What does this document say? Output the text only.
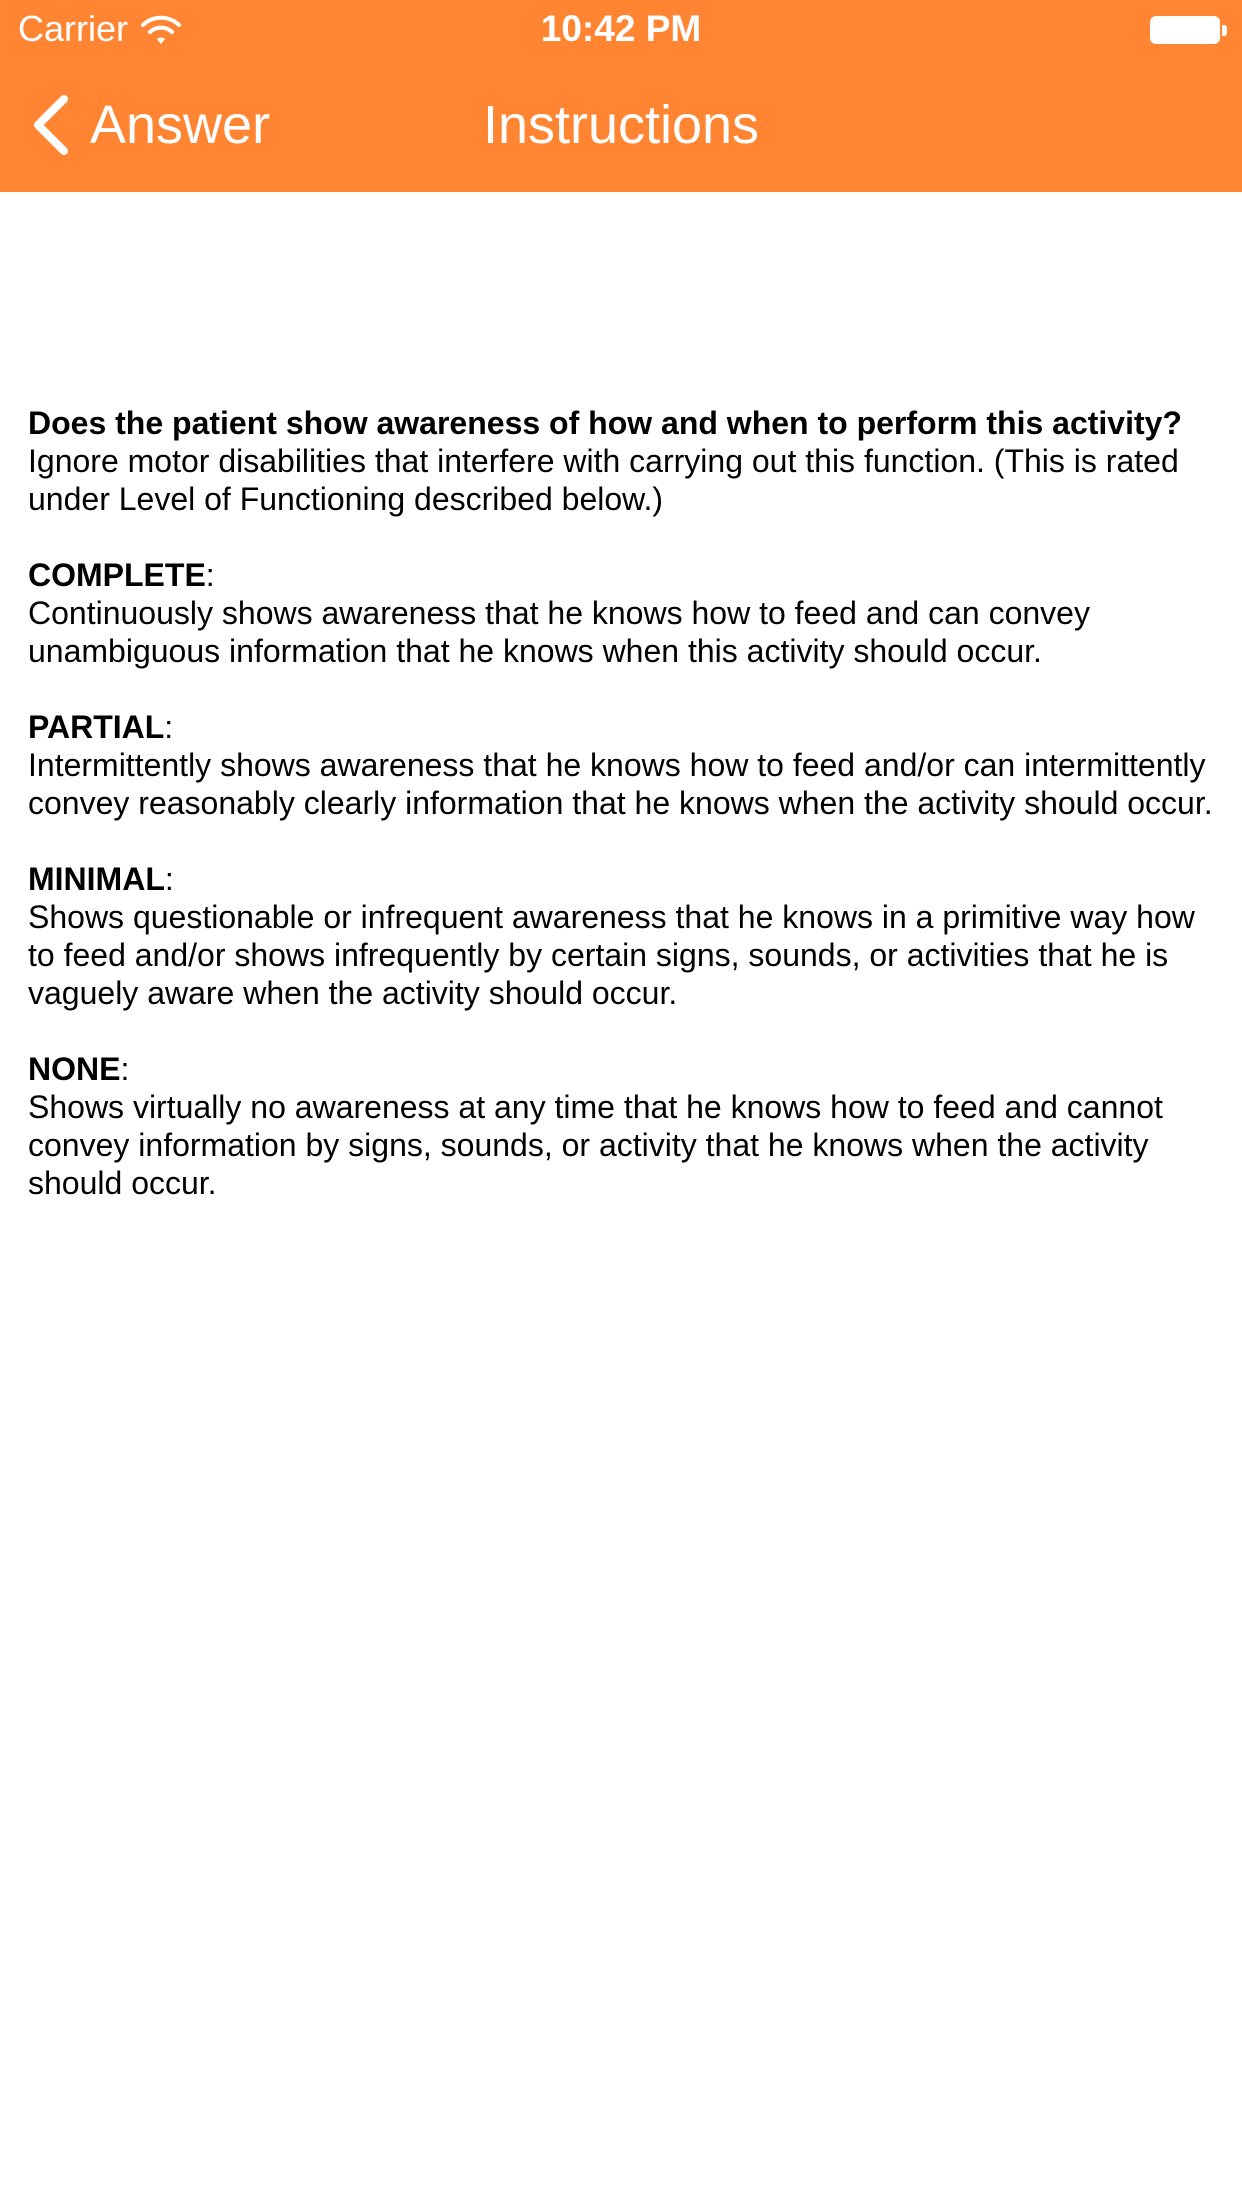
Carrier	10:42 PM
Answer	Instructions

Does the patient show awareness of how and when to perform this activity?

Ignore motor disabilities that interfere with carrying out this function. (This is rated under Level of Functioning described below.)

COMPLETE:

Continuously shows awareness that he knows how to feed and can convey unambiguous information that he knows when this activity should occur.

PARTIAL:

Intermittently shows awareness that he knows how to feed and/or can intermittently convey reasonably clearly information that he knows when the activity should occur.

MINIMAL:

Shows questionable or infrequent awareness that he knows in a primitive way how to feed and/or shows infrequently by certain signs, sounds, or activities that he is vaguely aware when the activity should occur.

NONE:

Shows virtually no awareness at any time that he knows how to feed and cannot convey information by signs, sounds, or activity that he knows when the activity should occur.
